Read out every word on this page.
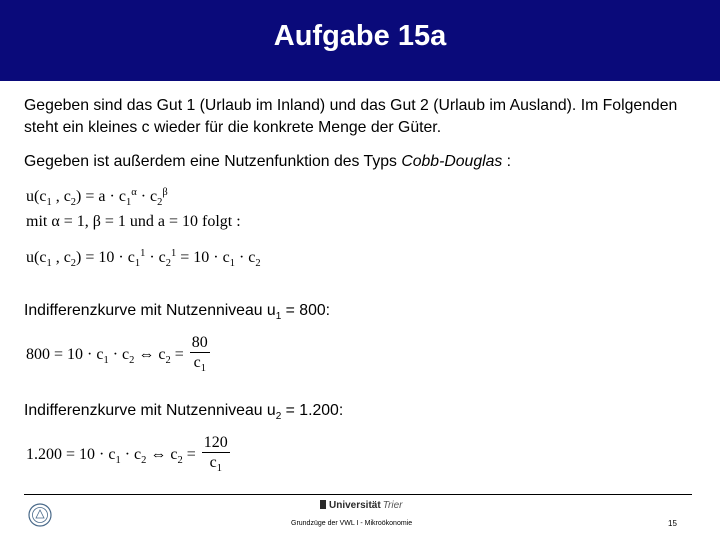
Aufgabe 15a
Gegeben sind das Gut 1 (Urlaub im Inland) und das Gut 2 (Urlaub im Ausland). Im Folgenden steht ein kleines c wieder für die konkrete Menge der Güter.
Gegeben ist außerdem eine Nutzenfunktion des Typs Cobb-Douglas :
$u(c_1$ , $c_2) = a \cdot c_1^\alpha \cdot c_2^\beta$
mit α = 1, β = 1 und a = 10 folgt :
$u(c_1$ , $c_2) = 10 \cdot c_1^1 \cdot c_2^1 = 10 \cdot c_1 \cdot c_2$
Indifferenzkurve mit Nutzenniveau $u_1 = 800$:
$800 = 10 \cdot c_1 \cdot c_2$ ⇔ $c_2 = \frac{80}{c_1}$
Indifferenzkurve mit Nutzenniveau $u_2 = 1.200$:
$1.200 = 10 \cdot c_1 \cdot c_2$ ⇔ $c_2 = \frac{120}{c_1}$
Universität Trier
Grundzüge der VWL I - Mikroökonomie	15
